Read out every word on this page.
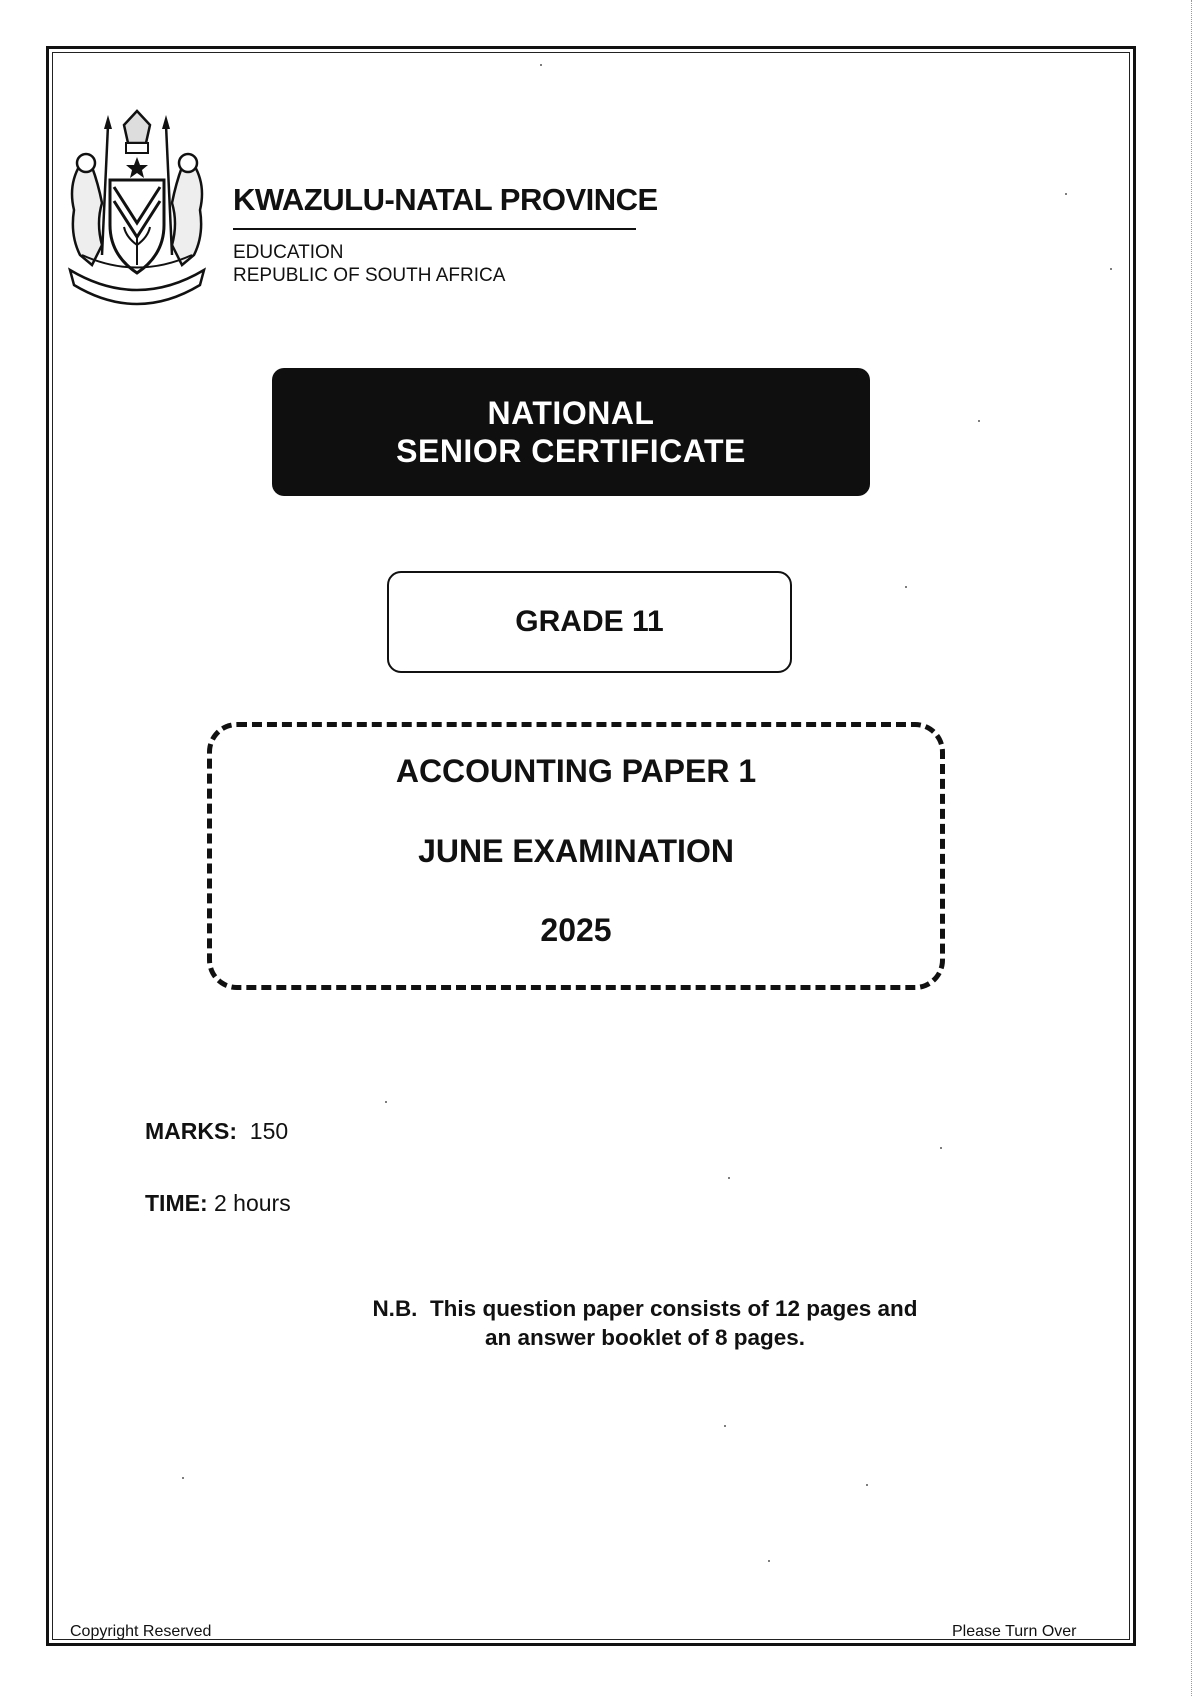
KWAZULU-NATAL PROVINCE
EDUCATION
REPUBLIC OF SOUTH AFRICA
NATIONAL
SENIOR CERTIFICATE
GRADE 11
ACCOUNTING PAPER 1
JUNE EXAMINATION
2025
MARKS: 150
TIME: 2 hours
N.B.  This question paper consists of 12 pages and
an answer booklet of 8 pages.
Copyright Reserved	Please Turn Over
